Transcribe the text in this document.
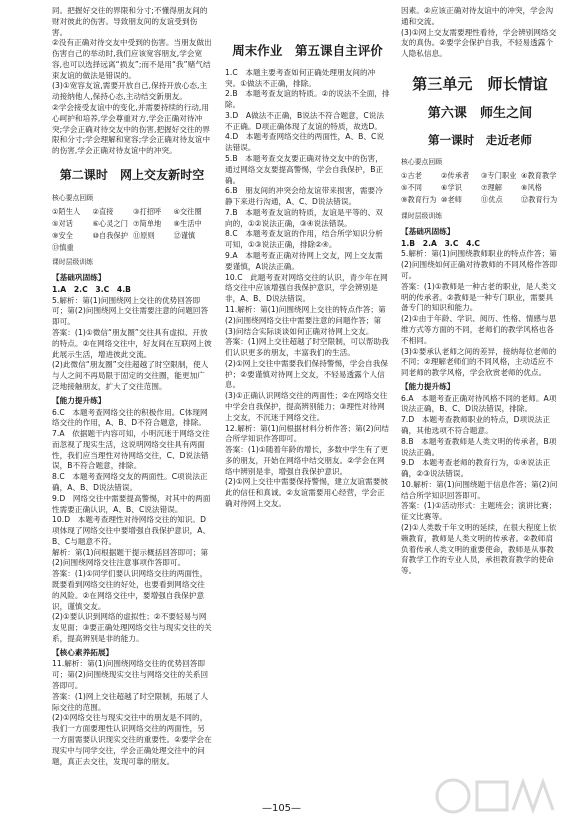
同。把握好交往的界限和分寸;不懂得朋友间的财对彼此的伤害。导致朋友间的友谊受到伤害。

②没有正确对待交友中受到的伤害。当朋友做出伤害自己的举动时,我们应该宽容朋友,学会宽容,也可以选择远离“损友”;而不是用“我”赌气结束友谊的做法是错误的。

(3)①宽容友谊,需要开放自己,保持开放心态,主动接纳他人,保持心态,主动结交新朋友。

②学会接受友谊中的变化,并需要持续的行动,用心呵护和培养,学会尊重对方,学会正确对待冲突;学会正确对待交友中的伤害,把握好交往的界限和分寸;学会理解和宽容;学会正确对待友谊中的伤害,学会正确对待友谊中的冲突。

第二课时　网上交友新时空
核心要点回顾
①陌生人	②直接	③打招呼	④交往圈
⑤对话	⑥心灵之门 ⑦简单地	⑧生活中
⑨安全	⑩自我保护 ⑪原则	⑫谨慎
⑬慎重
课时层级训练
【基础巩固练】

1.A　2.C　3.C　4.B

5.解析：第(1)问围绕网上交往的优势回答即可；第(2)问围绕网上交往需要注意的问题回答即可。

答案：(1)①微信“朋友圈”交往具有虚拟、开放的特点。②在网络交往中，好友间在互联网上彼此展示生活，增进彼此交流。

(2)此微信“朋友圈”交往超越了时空限制，使人与人之间不再局限于固定的交往圈，能更加广泛地接触朋友，扩大了交往范围。

【能力提升练】

6.C　本题考查网络交往的积极作用。C体现网络交往的作用，A、B、D不符合题意，排除。

7.A　依据题干内容可知，小明沉迷于网络交往而忽视了现实生活，这说明网络交往具有两面性，我们应当理性对待网络交往，C、D说法错误，B不符合题意，排除。

8.C　本题考查网络交友的两面性。C项说法正确，A、B、D说法错误。

9.D　网络交往中需要提高警惕，对其中的两面性需要正确认识，A、B、C说法错误。

10.D　本题考查理性对待网络交往的知识。D项体现了网络交往中要增强自我保护意识，A、B、C与题意不符。

解析：第(1)问根据题干提示概括回答即可；第(2)问围绕网络交往注意事项作答即可。

答案：(1)①同学们要认识网络交往的两面性，既要看到网络交往的好处，也要看到网络交往的风险。②在网络交往中，要增强自我保护意识，谨慎交友。

(2)①要认识到网络的虚拟性；②不要轻易与网友见面；③要正确处理网络交往与现实交往的关系，提高辨别是非的能力。

【核心素养拓展】

11.解析：第(1)问围绕网络交往的优势回答即可；第(2)问围绕现实交往与网络交往的关系回答即可。

答案：(1)网上交往超越了时空限制，拓展了人际交往的范围。

(2)①网络交往与现实交往中的朋友是不同的，我们一方面要理性认识网络交往的两面性，另一方面需要认识现实交往的重要性。②要学会在现实中与同学交往，学会正确处理交往中的问题，真正去交往，发现可靠的朋友。

周末作业　第五课自主评价

1.C　本题主要考查如何正确处理朋友间的冲突。①做法不正确，排除。

2.B　本题考查友谊的特质。②的说法不全面，排除。

3.D　A做法不正确，B说法不符合题意，C说法不正确。D项正确体现了友谊的特质，故选D。

4.D　本题考查网络交往的两面性，A、B、C说法错误。

5.B　本题考查交友要正确对待交友中的伤害，通过网络交友要提高警惕，学会自我保护，B正确。

6.B　朋友间的冲突会给友谊带来损害，需要冷静下来进行沟通，A、C、D说法错误。

7.B　本题考查友谊的特质，友谊是平等的、双向的，①②说法正确，③④说法错误。

8.C　本题考查友谊的作用，结合所学知识分析可知，①③说法正确，排除②④。

9.A　本题考查正确对待网上交友，网上交友需要谨慎，A说法正确。

10.C　此题考查对网络交往的认识，青少年在网络交往中应该增强自我保护意识，学会辨别是非，A、B、D说法错误。

11.解析：第(1)问围绕网上交往的特点作答；第(2)问围绕网络交往中需要注意的问题作答；第(3)问结合实际谈谈如何正确对待网上交友。

答案：(1)网上交往超越了时空限制，可以帮助我们认识更多的朋友，丰富我们的生活。

(2)①网上交往中需要我们保持警惕，学会自我保护；②要谨慎对待网上交友，不轻易透露个人信息。

(3)①正确认识网络交往的两面性；②在网络交往中学会自我保护，提高辨别能力；③理性对待网上交友，不沉迷于网络交往。

12.解析：第(1)问根据材料分析作答；第(2)问结合所学知识作答即可。

答案：(1)①随着年龄的增长，多数中学生有了更多的朋友，开始在网络中结交朋友。②学会在网络中辨别是非，增强自我保护意识。

(2)①网上交往中需要保持警惕，建立友谊需要彼此的信任和真诚。②友谊需要用心经营，学会正确对待网上交友。

因素。②应该正确对待友谊中的冲突，学会沟通和交流。

(3)①网上交友需要理性看待，学会辨别网络交友的真伪。②要学会保护自我，不轻易透露个人隐私信息。

第三单元　师长情谊
第六课　师生之间
第一课时　走近老师
核心要点回顾
①古老	②传承者	③专门职业 ④教育教学
⑤不同	⑥学识	⑦理解	⑧风格
⑨教育行为 ⑩老师	⑪优点	⑫教育行为
课时层级训练
【基础巩固练】

1.B　2.A　3.C　4.C

5.解析：第(1)问围绕教师职业的特点作答；第(2)问围绕如何正确对待教师的不同风格作答即可。

答案：(1)①教师是一种古老的职业，是人类文明的传承者。②教师是一种专门职业，需要具备专门的知识和能力。

(2)①由于年龄、学识、阅历、性格、情感与思维方式等方面的不同，老师们的教学风格也各不相同。

(3)①要承认老师之间的差异，接纳每位老师的不同；②理解老师们的不同风格，主动适应不同老师的教学风格，学会欣赏老师的优点。

【能力提升练】

6.A　本题考查正确对待风格不同的老师。A项说法正确，B、C、D说法错误，排除。

7.D　本题考查教师职业的特点，D项说法正确，其他选项不符合题意。

8.B　本题考查教师是人类文明的传承者，B项说法正确。

9.D　本题考查老师的教育行为，①④说法正确，②③说法错误。

10.解析：第(1)问围绕题干信息作答；第(2)问结合所学知识回答即可。

答案：(1)①活动形式：主题班会；演讲比赛；征文比赛等。

(2)①人类数千年文明的延续，在很大程度上依赖教育，教师是人类文明的传承者。②教师肩负着传承人类文明的重要使命，教师是从事教育教学工作的专业人员，承担教育教学的使命等。

—105—
